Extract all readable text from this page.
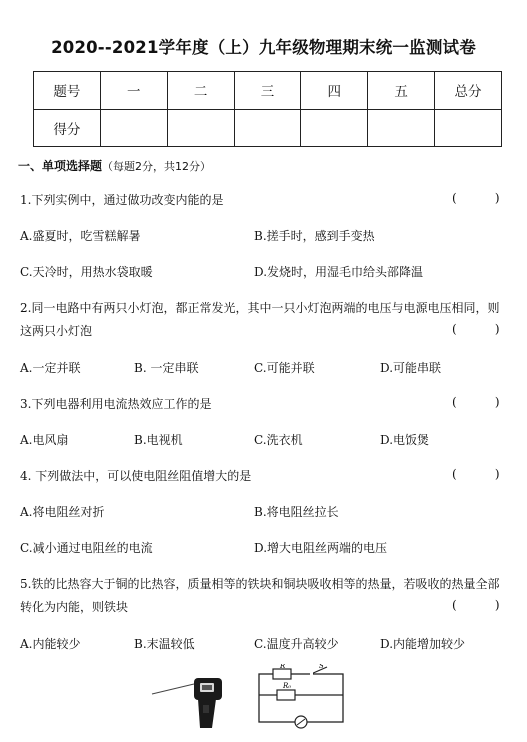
2020--2021学年度（上）九年级物理期末统一监测试卷
题号	一	二	三	四	五	总分
得分						
一、单项选择题（每题2分，共12分）
1.下列实例中，通过做功改变内能的是	(          )
A.盛夏时，吃雪糕解暑	B.搓手时，感到手变热
C.天冷时，用热水袋取暖	D.发烧时，用湿毛巾给头部降温
2.同一电路中有两只小灯泡，都正常发光，其中一只小灯泡两端的电压与电源电压相同，则
这两只小灯泡	(          )
A.一定并联	B. 一定串联	C.可能并联	D.可能串联
3.下列电器利用电流热效应工作的是	(          )
A.电风扇	B.电视机	C.洗衣机	D.电饭煲
4. 下列做法中，可以使电阻丝阻值增大的是	(          )
A.将电阻丝对折	B.将电阻丝拉长
C.减小通过电阻丝的电流	D.增大电阻丝两端的电压
5.铁的比热容大于铜的比热容，质量相等的铁块和铜块吸收相等的热量，若吸收的热量全部
转化为内能，则铁块	(          )
A.内能较少	B.末温较低	C.温度升高较少	D.内能增加较少
R	S
R₀
